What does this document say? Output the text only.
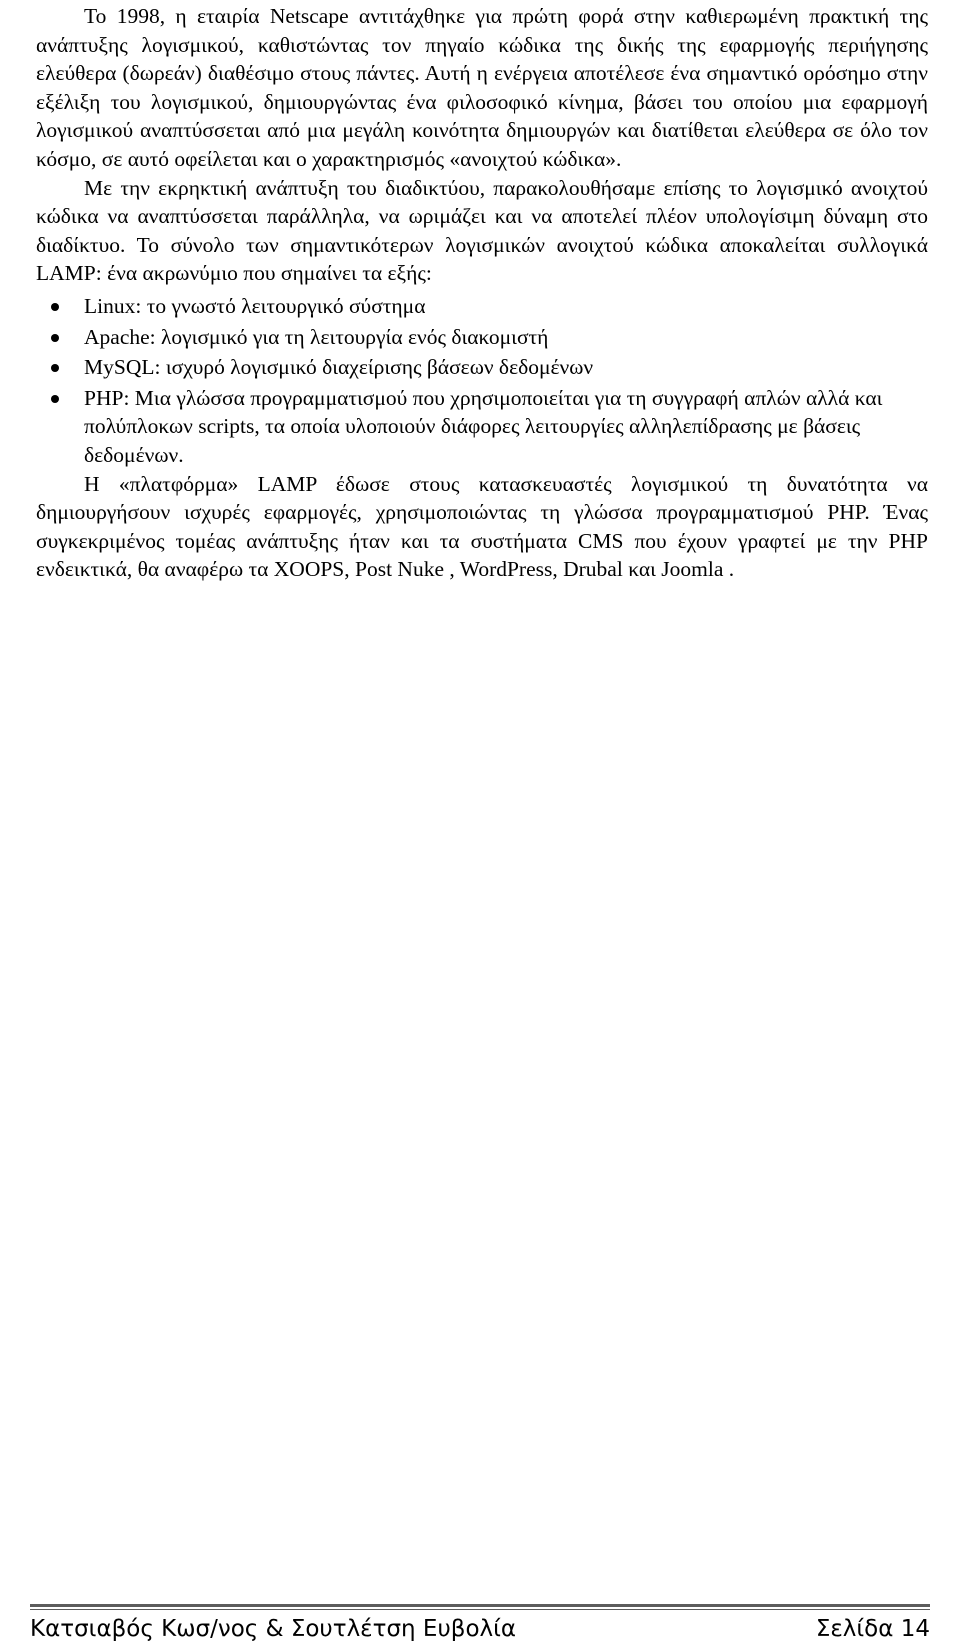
Το 1998, η εταιρία Netscape αντιτάχθηκε για πρώτη φορά στην καθιερωμένη πρακτική της ανάπτυξης λογισμικού, καθιστώντας τον πηγαίο κώδικα της δικής της εφαρμογής περιήγησης ελεύθερα (δωρεάν) διαθέσιμο στους πάντες. Αυτή η ενέργεια αποτέλεσε ένα σημαντικό ορόσημο στην εξέλιξη του λογισμικού, δημιουργώντας ένα φιλοσοφικό κίνημα, βάσει του οποίου μια εφαρμογή λογισμικού αναπτύσσεται από μια μεγάλη κοινότητα δημιουργών και διατίθεται ελεύθερα σε όλο τον κόσμο, σε αυτό οφείλεται και ο χαρακτηρισμός «ανοιχτού κώδικα».

Με την εκρηκτική ανάπτυξη του διαδικτύου, παρακολουθήσαμε επίσης το λογισμικό ανοιχτού κώδικα να αναπτύσσεται παράλληλα, να ωριμάζει και να αποτελεί πλέον υπολογίσιμη δύναμη στο διαδίκτυο. Το σύνολο των σημαντικότερων λογισμικών ανοιχτού κώδικα αποκαλείται συλλογικά LAMP: ένα ακρωνύμιο που σημαίνει τα εξής:

Linux: το γνωστό λειτουργικό σύστημα
Apache: λογισμικό για τη λειτουργία ενός διακομιστή
MySQL: ισχυρό λογισμικό διαχείρισης βάσεων δεδομένων
PHP: Μια γλώσσα προγραμματισμού που χρησιμοποιείται για τη συγγραφή απλών αλλά και πολύπλοκων scripts, τα οποία υλοποιούν διάφορες λειτουργίες αλληλεπίδρασης με βάσεις δεδομένων.

Η «πλατφόρμα» LAMP έδωσε στους κατασκευαστές λογισμικού τη δυνατότητα να δημιουργήσουν ισχυρές εφαρμογές, χρησιμοποιώντας τη γλώσσα προγραμματισμού PHP. Ένας συγκεκριμένος τομέας ανάπτυξης ήταν και τα συστήματα CMS που έχουν γραφτεί με την PHP ενδεικτικά, θα αναφέρω τα XOOPS, Post Nuke , WordPress, Drubal και Joomla .

Κατσιαβός Κωσ/νος & Σουτλέτση Ευβολία	Σελίδα 14
